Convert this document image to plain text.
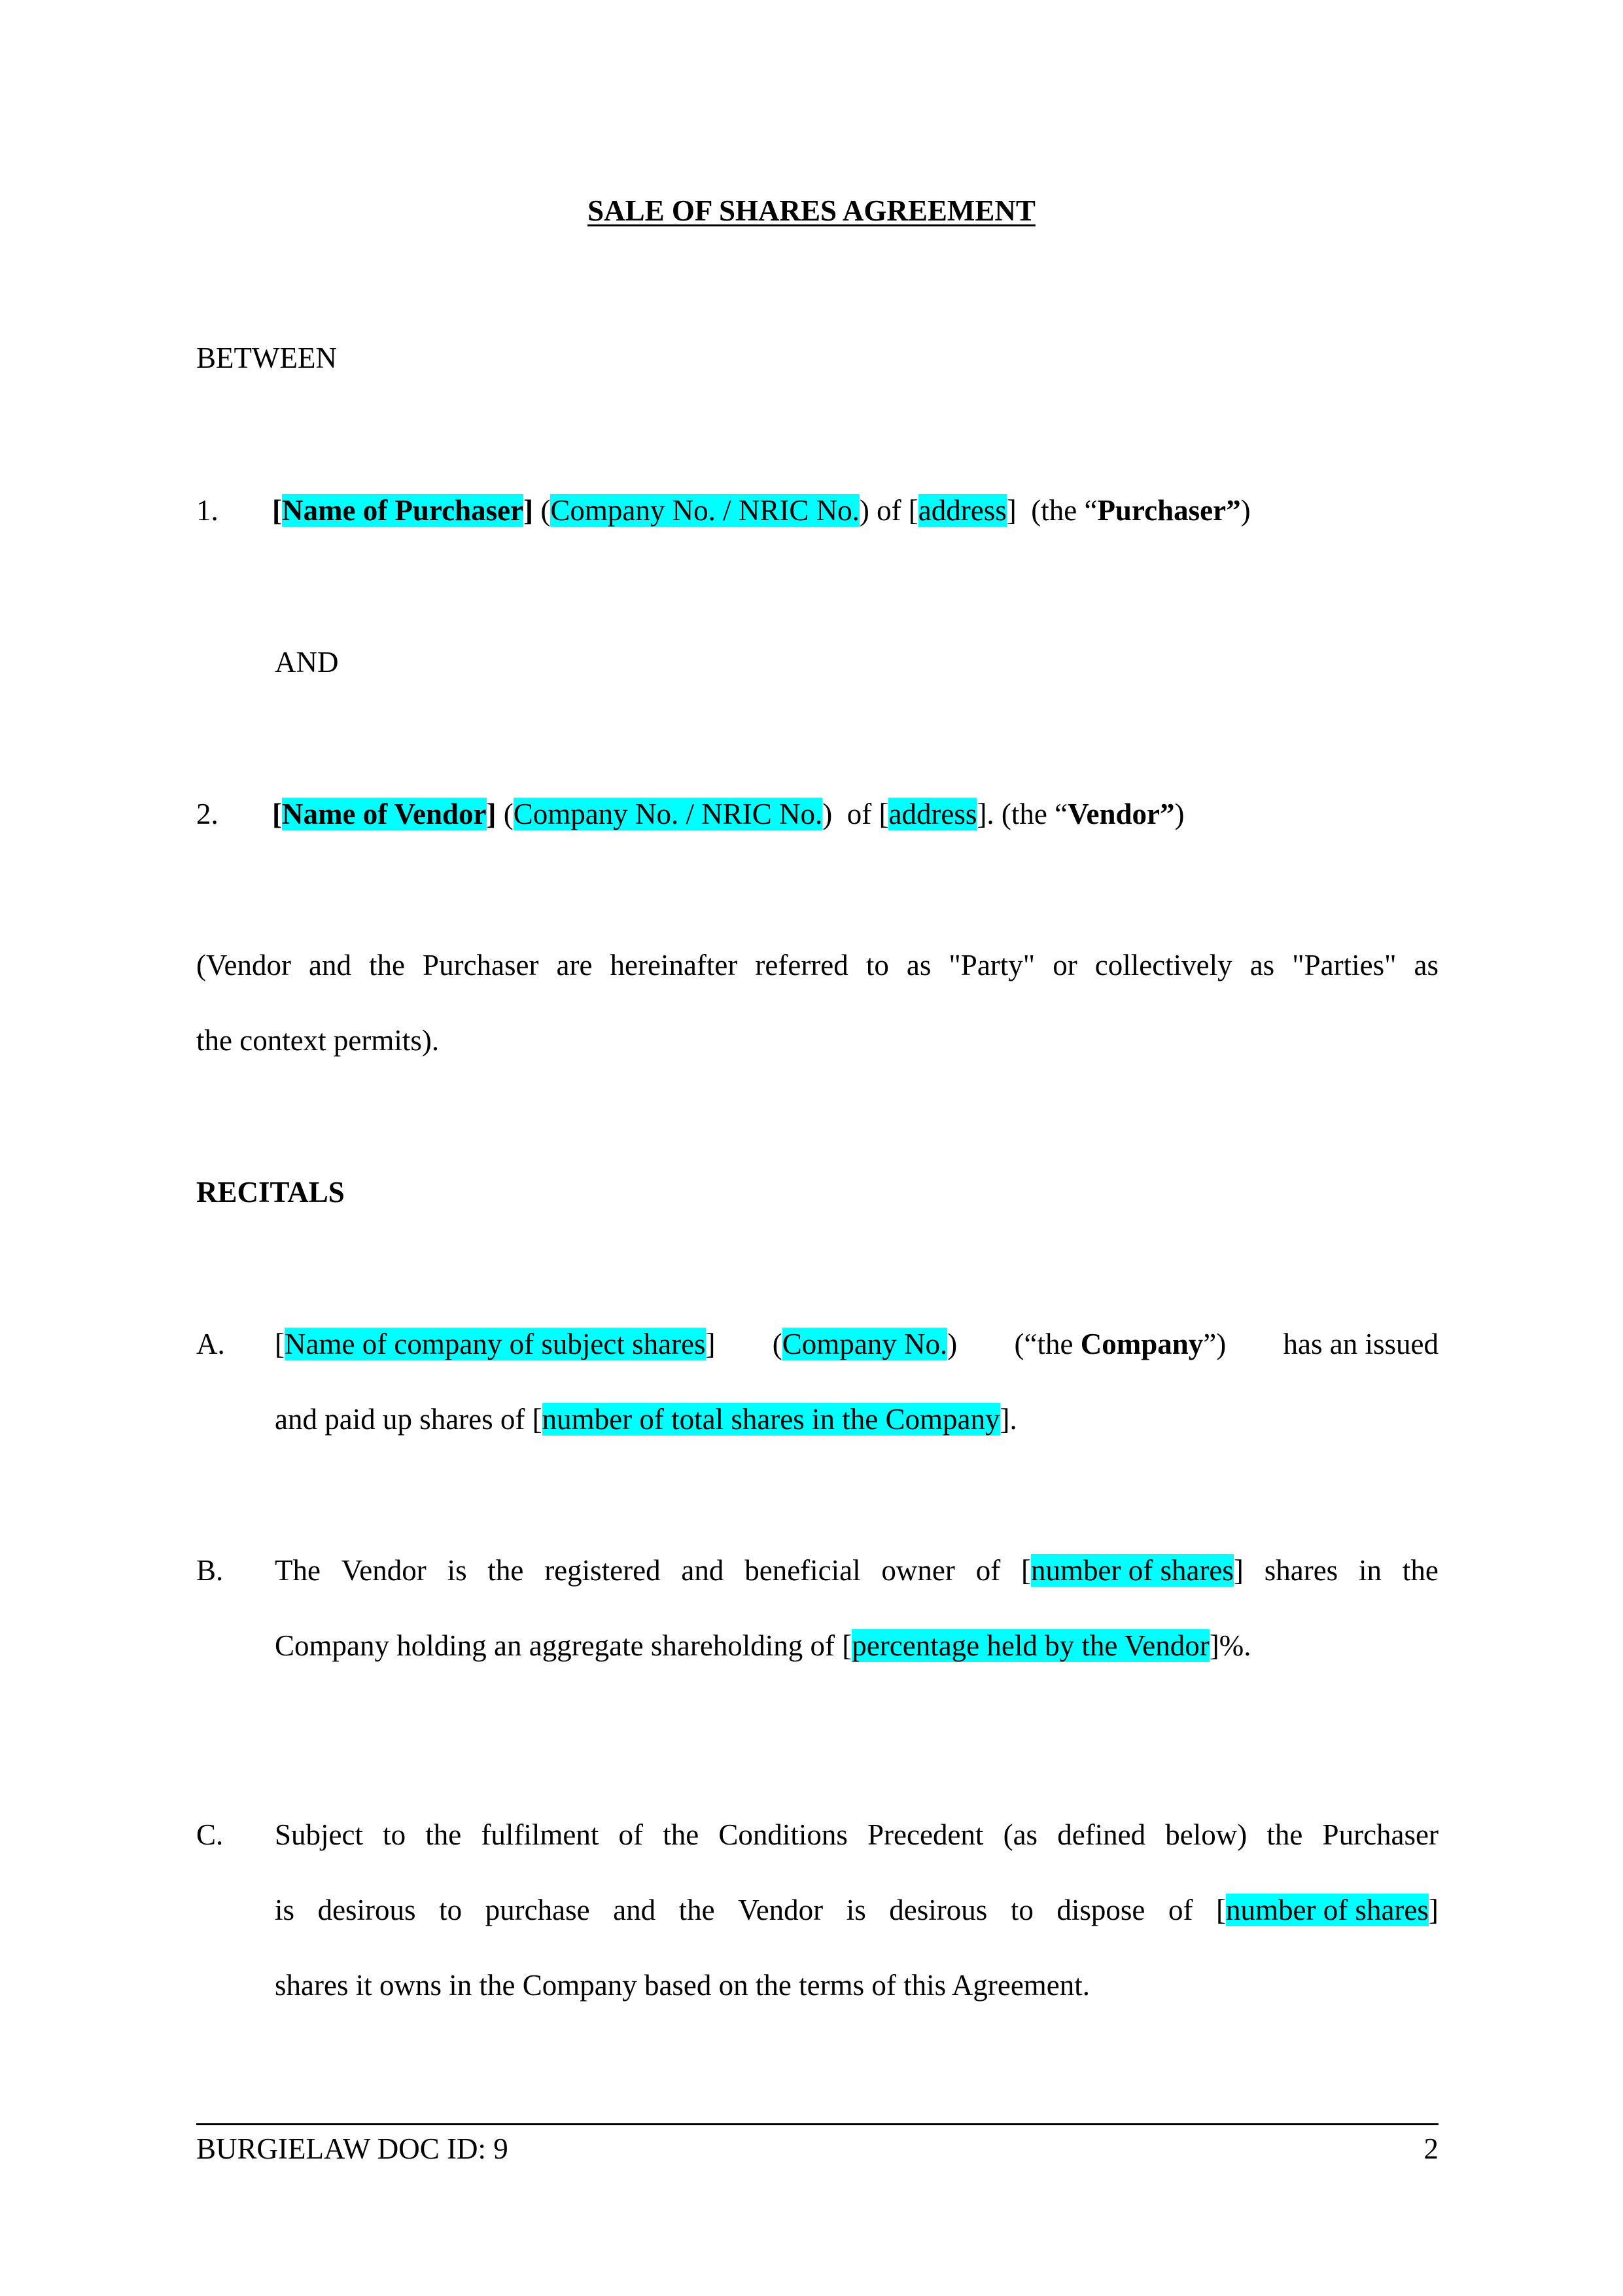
SALE OF SHARES AGREEMENT
BETWEEN
1. [Name of Purchaser] (Company No. / NRIC No.) of [address]  (the “Purchaser”)
AND
2. [Name of Vendor] (Company No. / NRIC No.)  of [address]. (the “Vendor”)
(Vendor and the Purchaser are hereinafter referred to as "Party" or collectively as "Parties" as
the context permits).
RECITALS
A. [Name of company of subject shares] (Company No.) (“the Company”) has an issued
and paid up shares of [number of total shares in the Company].
B. The Vendor is the registered and beneficial owner of [number of shares] shares in the
Company holding an aggregate shareholding of [percentage held by the Vendor]%.
C. Subject to the fulfilment of the Conditions Precedent (as defined below) the Purchaser
is desirous to purchase and the Vendor is desirous to dispose of [number of shares]
shares it owns in the Company based on the terms of this Agreement.
BURGIELAW DOC ID: 9	2
